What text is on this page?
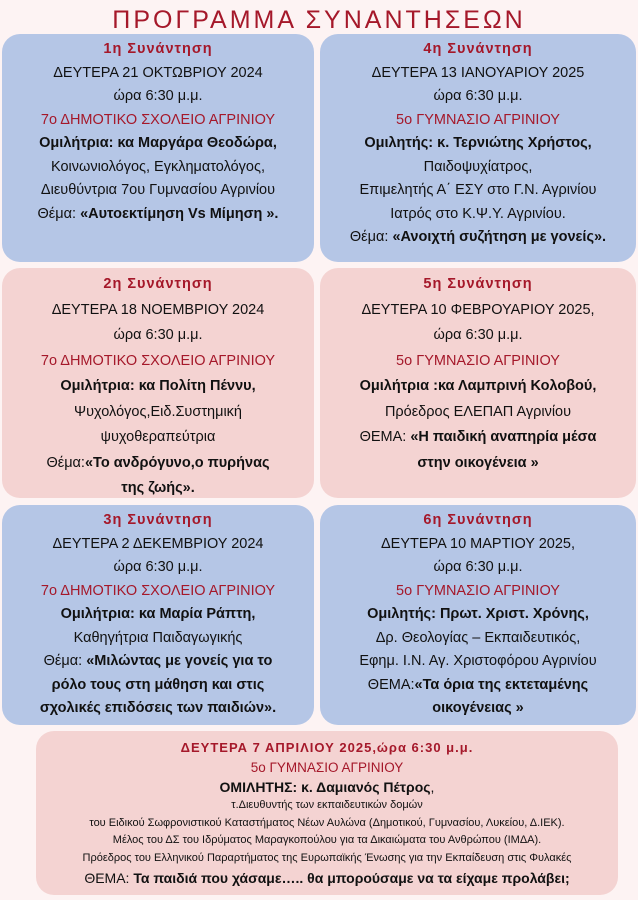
ΠΡΟΓΡΑΜΜΑ ΣΥΝΑΝΤΗΣΕΩΝ
1η Συνάντηση
ΔΕΥΤΕΡΑ 21 ΟΚΤΩΒΡΙΟΥ 2024
ώρα 6:30 μ.μ.
7ο ΔΗΜΟΤΙΚΟ ΣΧΟΛΕΙΟ ΑΓΡΙΝΙΟΥ
Ομιλήτρια: κα Μαργάρα Θεοδώρα,
Κοινωνιολόγος, Εγκληματολόγος,
Διευθύντρια 7ου Γυμνασίου Αγρινίου
Θέμα: «Αυτοεκτίμηση Vs Μίμηση ».
4η Συνάντηση
ΔΕΥΤΕΡΑ 13 ΙΑΝΟΥΑΡΙΟΥ 2025
ώρα 6:30 μ.μ.
5ο ΓΥΜΝΑΣΙΟ ΑΓΡΙΝΙΟΥ
Ομιλητής: κ. Τερνιώτης Χρήστος,
Παιδοψυχίατρος,
Επιμελητής Α΄ ΕΣΥ στο Γ.Ν. Αγρινίου
Ιατρός στο Κ.Ψ.Υ. Αγρινίου.
Θέμα: «Ανοιχτή συζήτηση με γονείς».
2η Συνάντηση
ΔΕΥΤΕΡΑ 18 ΝΟΕΜΒΡΙΟΥ 2024
ώρα 6:30 μ.μ.
7ο ΔΗΜΟΤΙΚΟ ΣΧΟΛΕΙΟ ΑΓΡΙΝΙΟΥ
Ομιλήτρια: κα Πολίτη Πέννυ,
Ψυχολόγος,Ειδ.Συστημική
ψυχοθεραπεύτρια
Θέμα:«Το ανδρόγυνο,ο πυρήνας
της ζωής».
5η Συνάντηση
ΔΕΥΤΕΡΑ 10 ΦΕΒΡΟΥΑΡΙΟΥ 2025,
ώρα 6:30 μ.μ.
5ο ΓΥΜΝΑΣΙΟ ΑΓΡΙΝΙΟΥ
Ομιλήτρια :κα Λαμπρινή Κολοβού,
Πρόεδρος ΕΛΕΠΑΠ Αγρινίου
ΘΕΜΑ: «Η παιδική αναπηρία μέσα
στην οικογένεια »
3η Συνάντηση
ΔΕΥΤΕΡΑ 2 ΔΕΚΕΜΒΡΙΟΥ 2024
ώρα 6:30 μ.μ.
7ο ΔΗΜΟΤΙΚΟ ΣΧΟΛΕΙΟ ΑΓΡΙΝΙΟΥ
Ομιλήτρια: κα Μαρία Ράπτη,
Καθηγήτρια Παιδαγωγικής
Θέμα: «Μιλώντας με γονείς για το
ρόλο τους στη μάθηση και στις
σχολικές επιδόσεις των παιδιών».
6η Συνάντηση
ΔΕΥΤΕΡΑ 10 ΜΑΡΤΙΟΥ 2025,
ώρα 6:30 μ.μ.
5ο ΓΥΜΝΑΣΙΟ ΑΓΡΙΝΙΟΥ
Ομιλητής: Πρωτ. Χριστ. Χρόνης,
Δρ. Θεολογίας – Εκπαιδευτικός,
Εφημ. Ι.Ν. Αγ. Χριστοφόρου Αγρινίου
ΘΕΜΑ:«Τα όρια της εκτεταμένης
οικογένειας »
ΔΕΥΤΕΡΑ 7 ΑΠΡΙΛΙΟΥ 2025,ώρα 6:30 μ.μ.
5ο ΓΥΜΝΑΣΙΟ ΑΓΡΙΝΙΟΥ
ΟΜΙΛΗΤΗΣ: κ. Δαμιανός Πέτρος,
τ.Διευθυντής των εκπαιδευτικών δομών
του Ειδικού Σωφρονιστικού Καταστήματος Νέων Αυλώνα (Δημοτικού, Γυμνασίου, Λυκείου, Δ.ΙΕΚ).
Μέλος του ΔΣ του Ιδρύματος Μαραγκοπούλου για τα Δικαιώματα του Ανθρώπου (ΙΜΔΑ).
Πρόεδρος του Ελληνικού Παραρτήματος της Ευρωπαϊκής Ένωσης για την Εκπαίδευση στις Φυλακές
ΘΕΜΑ: Τα παιδιά που χάσαμε….. θα μπορούσαμε να τα είχαμε προλάβει;
